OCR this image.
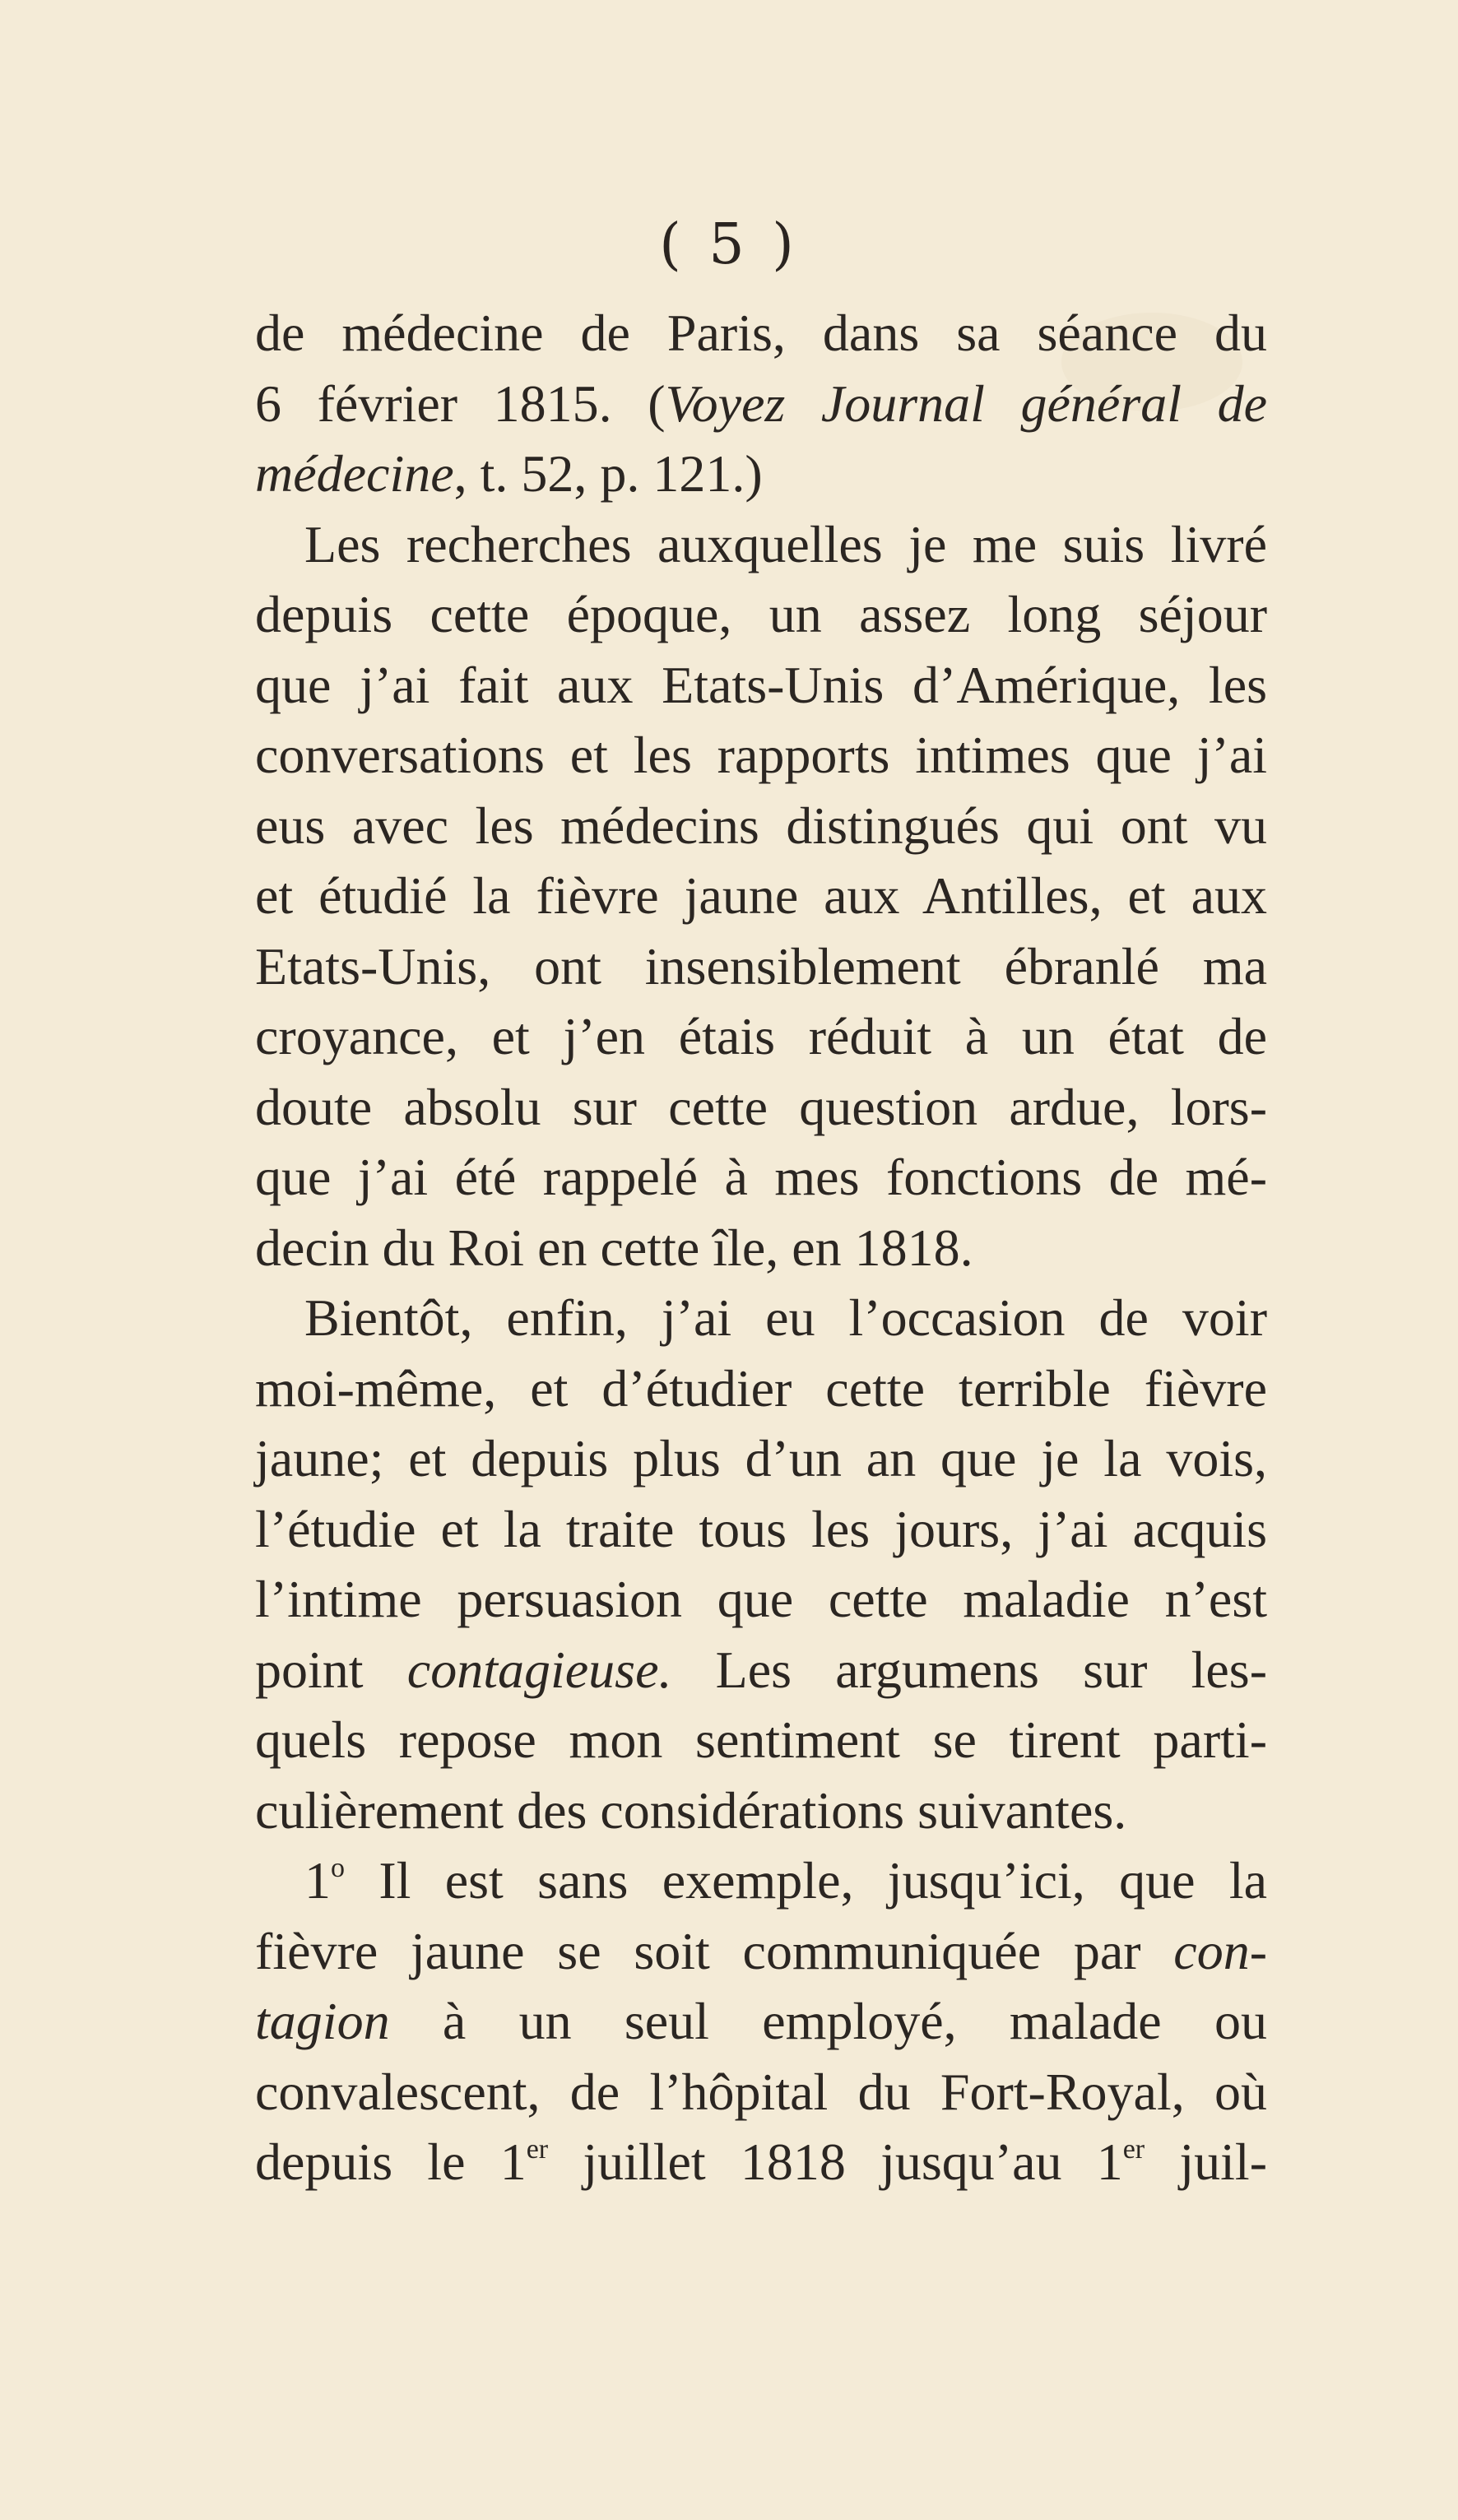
( 5 )
de médecine de Paris, dans sa séance du
6 février 1815. (Voyez Journal général de
médecine, t. 52, p. 121.)
Les recherches auxquelles je me suis livré
depuis cette époque, un assez long séjour
que j’ai fait aux Etats-Unis d’Amérique, les
conversations et les rapports intimes que j’ai
eus avec les médecins distingués qui ont vu
et étudié la fièvre jaune aux Antilles, et aux
Etats-Unis, ont insensiblement ébranlé ma
croyance, et j’en étais réduit à un état de
doute absolu sur cette question ardue, lors-
que j’ai été rappelé à mes fonctions de mé-
decin du Roi en cette île, en 1818.
Bientôt, enfin, j’ai eu l’occasion de voir
moi-même, et d’étudier cette terrible fièvre
jaune; et depuis plus d’un an que je la vois,
l’étudie et la traite tous les jours, j’ai acquis
l’intime persuasion que cette maladie n’est
point contagieuse. Les argumens sur les-
quels repose mon sentiment se tirent parti-
culièrement des considérations suivantes.
1$^o$ Il est sans exemple, jusqu’ici, que la
fièvre jaune se soit communiquée par con-
tagion à un seul employé, malade ou
convalescent, de l’hôpital du Fort-Royal, où
depuis le 1er juillet 1818 jusqu’au 1er juil-
